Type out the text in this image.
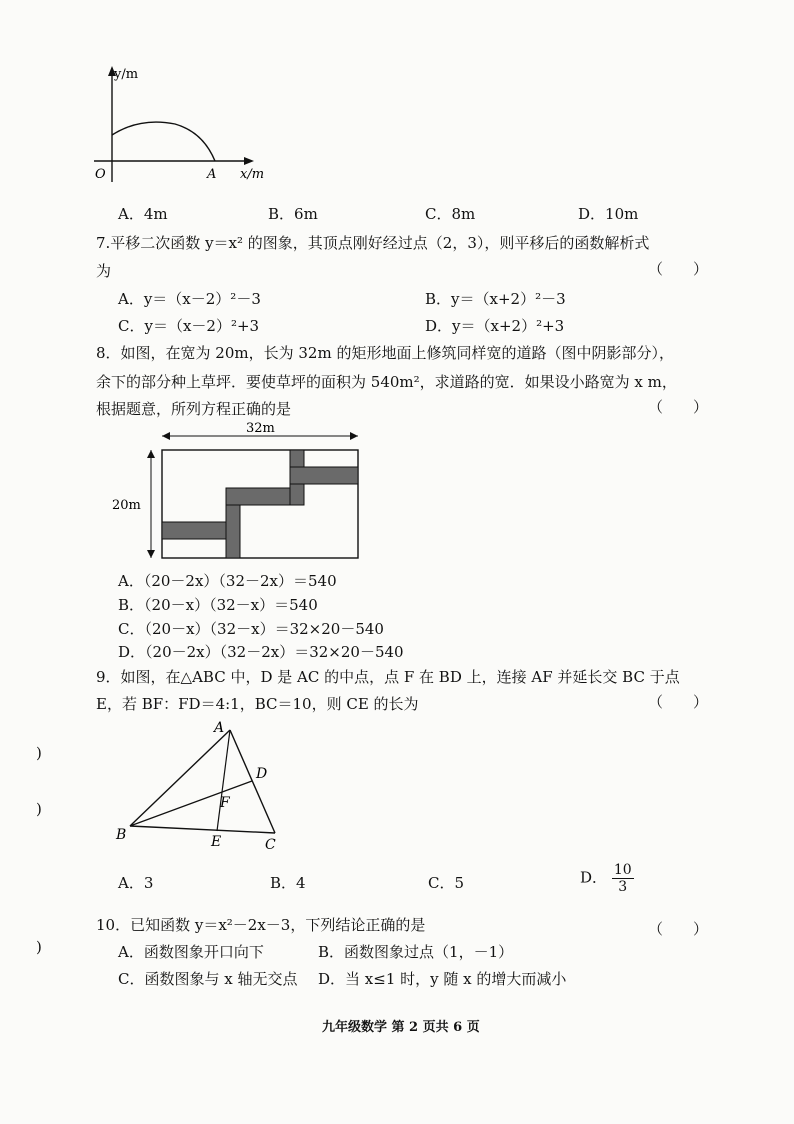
y/m
x/m
O	A
A．4m	B．6m	C．8m	D．10m
7.平移二次函数 y＝x² 的图象，其顶点刚好经过点（2，3），则平移后的函数解析式
为	（　　）
A．y＝（x－2）²－3	B．y＝（x+2）²－3
C．y＝（x－2）²+3	D．y＝（x+2）²+3
8．如图，在宽为 20m，长为 32m 的矩形地面上修筑同样宽的道路（图中阴影部分），
余下的部分种上草坪．要使草坪的面积为 540m²，求道路的宽．如果设小路宽为 x m，
根据题意，所列方程正确的是	（　　）
32m
20m
A．（20－2x）（32－2x）＝540
B．（20－x）（32－x）＝540
C．（20－x）（32－x）＝32×20－540
D．（20－2x）（32－2x）＝32×20－540
9．如图，在△ABC 中，D 是 AC 的中点，点 F 在 BD 上，连接 AF 并延长交 BC 于点
E，若 BF：FD＝4:1，BC＝10，则 CE 的长为	（　　）
A
B
C
D
E
F
A．3	B．4	C．5	D． $\frac{10}{3}$
10．已知函数 y＝x²－2x－3，下列结论正确的是	（　　）
A．函数图象开口向下	B．函数图象过点（1，－1）
C．函数图象与 x 轴无交点 D．当 x≤1 时，y 随 x 的增大而减小
)
)
)
九年级数学 第 2 页共 6 页
